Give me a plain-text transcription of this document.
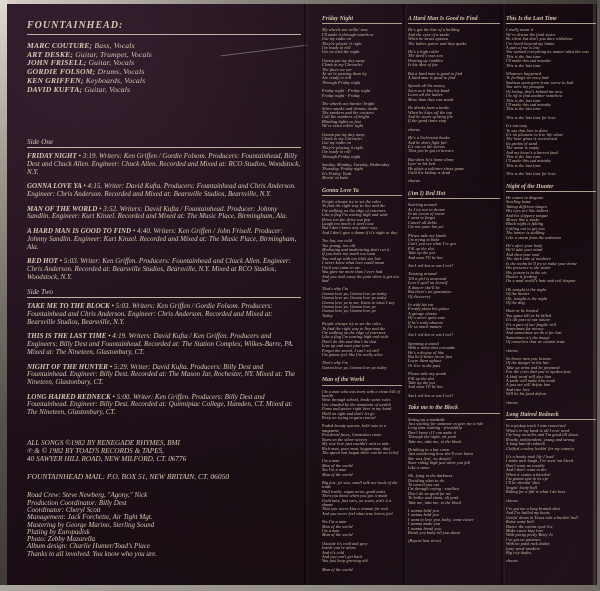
FOUNTAINHEAD:
MARC COUTURE; Bass, Vocals
ART DESKE; Guitar, Trumpet, Vocals
JOHN FRISELL; Guitar, Vocals
GORDIE FOLSOM; Drums, Vocals
KEN GRIFFEN; Keyboards, Vocals
DAVID KUFTA; Guitar, Vocals
Side One

FRIDAY NIGHT • 3:19. Writers: Ken Griffen / Gordie Folsom. Producers: Fountainhead, Billy Dest and Chuck Allen. Engineer: Chuck Allen. Recorded and Mixed at: RCO Studios, Woodstock, N.Y.

GONNA LOVE YA • 4:15. Writer: David Kufta. Producers: Fountainhead and Chris Anderson. Engineer: Chris Anderson. Recorded and Mixed at: Bearsville Studios, Bearsville, N.Y.

MAN OF THE WORLD • 3:52. Writers: David Kufta / Fountainhead. Producer: Johnny Sandlin. Engineer: Kurt Kinzel. Recorded and Mixed at: The Music Place, Birmingham, Ala.

A HARD MAN IS GOOD TO FIND • 4:40. Writers: Ken Griffen / John Frisell. Producer: Johnny Sandlin. Engineer: Kurt Kinzel. Recorded and Mixed at: The Music Place, Birmingham, Ala.

RED HOT • 5:03. Writer: Ken Griffen. Producers: Fountainhead and Chuck Allen. Engineer: Chris Anderson. Recorded at: Bearsville Studios, Bearsville, N.Y. Mixed at RCO Studios, Woodstock, N.Y.

Side Two

TAKE ME TO THE BLOCK • 5:03. Writers: Ken Griffen / Gordie Folsom. Producers: Fountainhead and Chris Anderson. Engineer: Chris Anderson. Recorded and Mixed at: Bearsville Studios, Bearsville, N.Y.

THIS IS THE LAST TIME • 4:19. Writers: David Kufta / Ken Griffen. Producers and Engineers: Billy Dest and Fountainhead. Recorded at: The Station Complex, Wilkes-Barre, PA. Mixed at: The Nineteen, Glastonbury, CT.

NIGHT OF THE HUNTER • 5:29. Writer: David Kufta. Producers: Billy Dest and Fountainhead. Engineer: Billy Dest. Recorded at: The Mason Jar, Rochester, NY. Mixed at: The Nineteen, Glastonbury, CT.

LONG HAIRED REDNECK • 5:00. Writer: Ken Griffen. Producers: Billy Dest and Fountainhead. Engineer: Billy Dest. Recorded at: Quinnipiac College, Hamden, CT. Mixed at: The Nineteen, Glastonbury, CT.

ALL SONGS ©1982 BY RENEGADE RHYMES, BMI
℗ & © 1982 BY TOAD'S RECORDS & TAPES,
40 SAWYER HILL ROAD, NEW MILFORD, CT. 06776
FOUNTAINHEAD MAIL: P.O. BOX 51, NEW BRITAIN, CT. 06050
Road Crew: Steve Newberg, "Agony," Nick
Production Coordinator: Billy Dest
Coordinator: Cheryl Scott
Management: Jack Forchette, Air Tight Mgt.
Mastering by George Marino, Sterling Sound
Plating by Europadisk
Photo: Zebby Mazarella
Album design: Charlie Hunter/Toad's Place
Thanks to all involved. You know who you are.
Friday Night

My wheels are rollin' now
I'll make it through somehow
Got my radio on
They're playin' it right
I'm ready to roll
Get on with the night

Gonna put my day away
Climb in my Chevrolet
The faces we see
As we're passing them by
Are ready to roll
Through Friday night

Friday night - Friday night
Friday night - Friday

The wheels are burnin' bright
Silver smoke and chrome inside
The smokers and the cruisers
Call the numbers of bright
Blinding lights so fast
We're extra rollin' tight

Gonna put my day away
Climb in my Chevrolet
Got my radio on
They're playing it right
I'm ready to roll
Through Friday night

Sunday, Monday, Tuesday, Wednesday
Thursday, Friday night
It's Friday. Yeah.
Movin' in babe

Gonna Love Ya

People always try to set the rules
To find the right way to live and die
I'm walking on the edge of extremes
Like a flag I'm waving high and wide
Drive too far, drive too fast
Laugh too much, it won't last
But I don't know any other way
And I don't give a damn if it's night or day

Too hot, too cold
Too young, too old
Mediating and moderating don't cut it
If you have too much too soon
You end up with too little too late
I never knew what love could mean
Until you came to me
You gave me more than I ever had
And you took away the pain when it got too bad

That's why I'm
Gonna love ya, Gonna love ya today
Gonna love ya, Gonna love ya today
Gonna love ya to me, listen to what I say
Gonna love ya, Gonna love ya
Gonna love ya, Gonna love ya
Today

People always try to set the rules
To find the right way to live and die
I'm walking on the edge of extremes
Like a flag I'm soaring high and wide
Don't do this and don't do that
Line up and wait your turn
Forget the moral, I can't sit still
I'm gonna feel like I'm really alive

That's why I'm
Gonna love ya, Gonna love ya today

Man of the World

I'm a man who was born with a clean bill of health
Went through school, broke some rules
Got clouded by the mountain of wealth
Fame and power right here in my hand
Hold on tight and don't let go
Keep on trying to gain control

Faded beauty queens, hold outs in a magazine
Powdered faces, limousines came
Stars on the silver screen
My true love just couldn't wait to take
Rich man, poor man, beggarman, thief
The queen has begun there can be no relief

I'm a man
Man of the world
Yes I'm a man
Man of the world

Big jets, jet sets, small talk are tools of the trade
Half truths, vague news, good seats
Then you know when you got it made
Gold nuts, fast cars, no scars, ain't it a shame
That you never kiss a woman for real
And you never feel what true lovers feel

Yes I'm a man
Man of the world
I'm a man
Man of the world

Outside it's cold and grey
Inside you're alone
And it's cold
And you can't get back
You just keep growing old

Man of the world

A Hard Man Is Good to Find

He's got the bite of a bulldog
And the eyes of a snake
When he struts uptown
The ladies quiver and they quake

He's a high roller
The devil's own son
Heating up rumbles
Is his idea of fun

But a hard man is good to find
A hard man is good to find

Spends all his money
Soon as it hits his hand
Loves all the ladies
More than they can stand

He drinks from a bottle
When he bites off the top
And he starts spitting fire
If the good times stop

chorus

He's a Galveston bucko
And he don't fight fair
It's out on the streets
That you've got to beware

But when he's home alone
Lyin' in his bed
He plays a solitaire chess game
Until his bishop is dead

chorus

(Am I) Red Hot

Swirling around
As I try not to drown
In an ocean of sweat
I want to forget
Cancel all debts
I'm not quite hot yet

Please take my hands
I'm trying to bake
Can't you see what I've got
Fill up the slot
Take up the pot
And soon I'll be hot

Am I red hot or am I not?

Twisting around
Till a girl is unwound
Love's spell on herself
A dancer she'll be
But there's no guarantee
Of discovery

In with his cat
Freddy plays his guitar
A garage classic
He's never quite sure
If he's truly obscure
Or so much mature

Am I red hot or am I not?

Spinning a sound
With a noise that resounds
He's a deejay of hits
But he'd better move fast
Leave them aghast
Or live in the past

Please take my words
Fill up the slot
Take up the pot
And soon I'll be hot.

Am I red hot or am I not?

Take me to the Block

Sitting on a roadside
Just waiting for someone to give me a ride
Long time waiting - friendship
Don't know if I can make it
Through the night, oh yeah
Take me, take me, to the block

Drinking in a bar room
Just wondering how she'll ever know
She was lyin', no denyin'
Start riding high just when you fall
Like a stone.

Oh, lying in the darkness
Deciding what to do
To cancel you out
I'm through crying - swallow
Don't do no good for me
To holler and shout, oh yeah
Take me, take me, to the block

I wanna hold you
I wanna hold you
I want to love you, baby, come closer
I wanna make you
I wanna break you
Break you baby till you shout

(Repeat last verse)

This Is the Last Time

I really mean it
We've drawn the final straw
Be silent but don't you dare withdraw
I've loved beyond my limits
A part of me is lost
You wanted everything no matter what the cost
This is the last time
I'll make this sad mistake
This is the last time

Whatever happened
To feelings we once had
Sadness upon grew from worse to bad
You were my paragon
Of loving, that's behind me now
I'm off to find another somehow
This is the last time
I'll make this sad mistake
This is the last time

This is the last time for love.

It's not easy
To say that love is done
It's no pleasure to live life alone
The hour glass is overturned
Its grains of sand
The moon is empty
And my heart's a barren land
This is the last time
I'll make this sad mistake
This is the last time

This is the last time for love.

Night of the Hunter

He comes in disguise
Stealing home
Taking different shapes
His eyes are like bullets
And his slippery tongue
Moves like a snake
Black night is falling
Calling out to get you
The hunter is stalking
Like a storm from the unknown

He's after your body
He'll take your mind
And then your soul
The dark side of nowhere
Is the realm he'll try to make your home
His presence is the water
His poison is in the air
Hunter is feeding
On a mad world's hate and evil despair

Oh tonight is the night
Of the hunter
Oh, tonight is the night
Of the dog

Hunt or be hunted
You gotta kill or be killed
It's all part of our nature
It's a part of our fragile will
Sometimes for money
And sometimes we do it for lust
Sometimes it's the image
Of ourselves that we cannot trust

chorus

So brave men you beware
Of the danger in his lair
Take up arms and be prepared
For the cries that you've spoken fear
A kind word will slay him
A smile will make him weak
A just act will defeat him
And true love
Will be his fatal defeat

chorus

Long Haired Redneck

In a pickup truck I was conceived
What's in my bank is all I ever need
I'm long on miles and I'm good till dawn
Rowdy, independent, young and strong
A long haired redneck
Citified cowboy lookin' for my country

It's a honky tonk life I lead
I make men laugh, I've seen 'em bleed
Don't want no trouble
And I don't want to die
When it comes a knockin'
I'm gonna spit in its eye
I'll be shootin' dice
Singin' lowly ball
Riding for a fall is what I do best.

chorus

I've got me a long branch shot
And I've bulled my boots
Gettin' down to Texas ride a buckin' bull
Raise some hell
Dance the cotton eyed Joe
Make sweet lazy love
With young pretty Betty Jo
I've got no patience
With no punk rock dudes
Lazy weed smokers
Big city dudes.

chorus
